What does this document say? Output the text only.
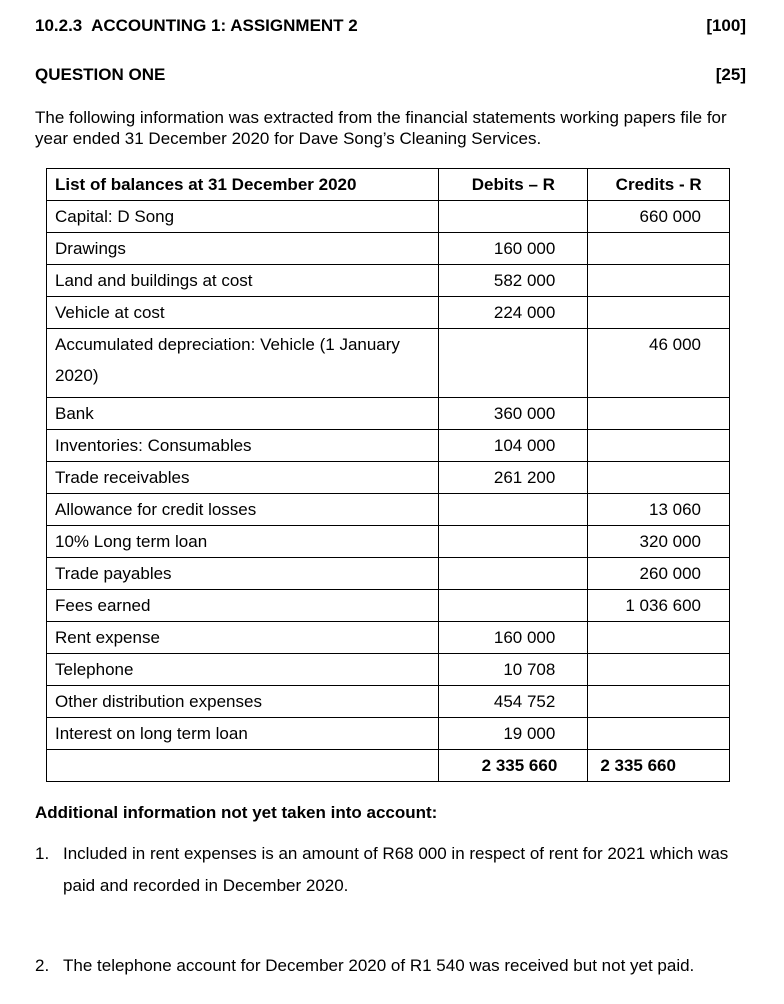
10.2.3  ACCOUNTING 1: ASSIGNMENT 2	[100]
QUESTION ONE	[25]
The following information was extracted from the financial statements working papers file for year ended 31 December 2020 for Dave Song’s Cleaning Services.
List of balances at 31 December 2020	Debits – R	Credits - R
Capital: D Song		660 000
Drawings	160 000	
Land and buildings at cost	582 000	
Vehicle at cost	224 000	
Accumulated depreciation: Vehicle (1 January 2020)		46 000
Bank	360 000	
Inventories: Consumables	104 000	
Trade receivables	261 200	
Allowance for credit losses		13 060
10% Long term loan		320 000
Trade payables		260 000
Fees earned		1 036 600
Rent expense	160 000	
Telephone	10 708	
Other distribution expenses	454 752	
Interest on long term loan	19 000	
	2 335 660	2 335 660
Additional information not yet taken into account:
1. Included in rent expenses is an amount of R68 000 in respect of rent for 2021 which was paid and recorded in December 2020.
2. The telephone account for December 2020 of R1 540 was received but not yet paid.
